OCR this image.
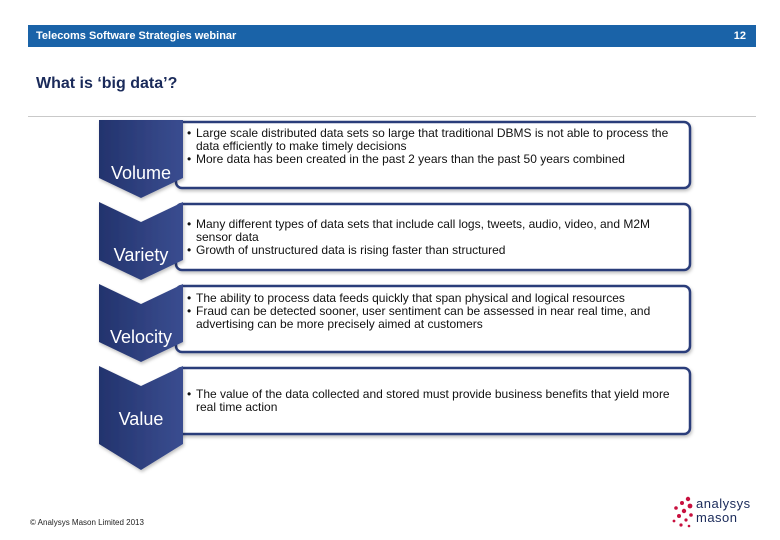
Telecoms Software Strategies webinar	12
What is ‘big data’?
Volume
Variety
Velocity
Value
• Large scale distributed data sets so large that traditional DBMS is not able to process the data efficiently to make timely decisions
• More data has been created in the past 2 years than the past 50 years combined
• Many different types of data sets that include call logs, tweets, audio, video, and M2M sensor data
• Growth of unstructured data is rising faster than structured
• The ability to process data feeds quickly that span physical and logical resources
• Fraud can be detected sooner, user sentiment can be assessed in near real time, and advertising can be more precisely aimed at customers
• The value of the data collected and stored must provide business benefits that yield more real time action
© Analysys Mason Limited 2013
analysys
mason
